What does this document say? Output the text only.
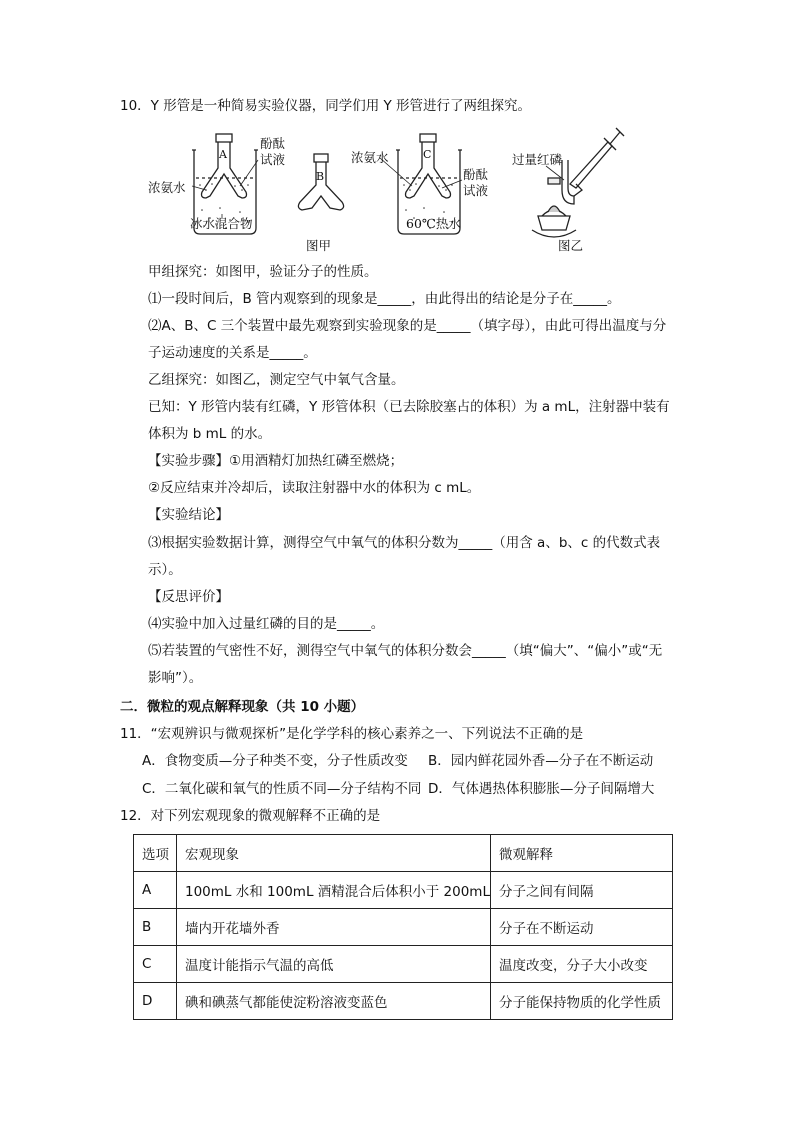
10．Y 形管是一种简易实验仪器，同学们用 Y 形管进行了两组探究。
酚酞
试液
浓氨水
浓氨水
酚酞
试液
冰水混合物	60℃热水
A
B
C
图甲
过量红磷
图乙
甲组探究：如图甲，验证分子的性质。
⑴一段时间后，B 管内观察到的现象是_____，由此得出的结论是分子在_____。
⑵A、B、C 三个装置中最先观察到实验现象的是_____（填字母），由此可得出温度与分
子运动速度的关系是_____。
乙组探究：如图乙，测定空气中氧气含量。
已知：Y 形管内装有红磷，Y 形管体积（已去除胶塞占的体积）为 a mL，注射器中装有
体积为 b mL 的水。
【实验步骤】①用酒精灯加热红磷至燃烧；
②反应结束并冷却后，读取注射器中水的体积为 c mL。
【实验结论】
⑶根据实验数据计算，测得空气中氧气的体积分数为_____（用含 a、b、c 的代数式表
示）。
【反思评价】
⑷实验中加入过量红磷的目的是_____。
⑸若装置的气密性不好，测得空气中氧气的体积分数会_____（填“偏大”、“偏小”或“无
影响”）。
二．微粒的观点解释现象（共 10 小题）
11．“宏观辨识与微观探析”是化学学科的核心素养之一、下列说法不正确的是
A．食物变质—分子种类不变，分子性质改变 B．园内鲜花园外香—分子在不断运动
C．二氧化碳和氧气的性质不同—分子结构不同 D．气体遇热体积膨胀—分子间隔增大
12．对下列宏观现象的微观解释不正确的是
选项	宏观现象	微观解释
A	100mL 水和 100mL 酒精混合后体积小于 200mL	分子之间有间隔
B	墙内开花墙外香	分子在不断运动
C	温度计能指示气温的高低	温度改变，分子大小改变
D	碘和碘蒸气都能使淀粉溶液变蓝色	分子能保持物质的化学性质
